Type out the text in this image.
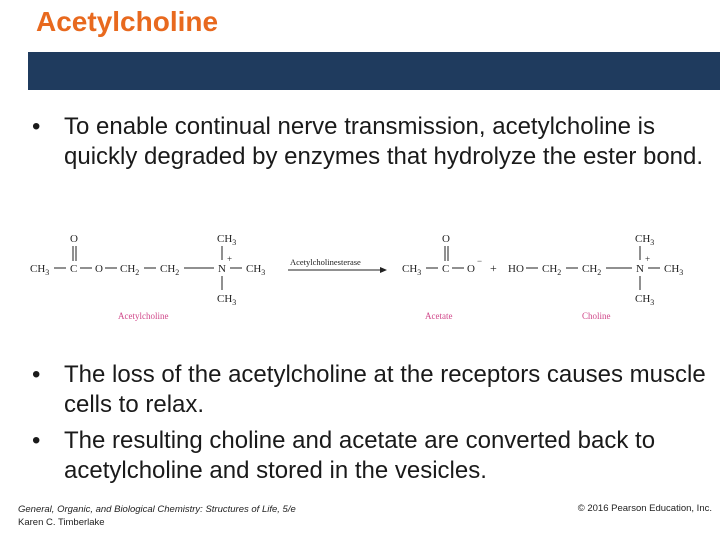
Acetylcholine
• To enable continual nerve transmission, acetylcholine is quickly degraded by enzymes that hydrolyze the ester bond.
$CH_3$ C
O
O $CH_2$ $CH_2$	N
+
$CH_3$
$CH_3$
$CH_3$
Acetylcholinesterase
$CH_3$ C
O
O
− + HO $CH_2$ $CH_2$	N
+
$CH_3$
$CH_3$
$CH_3$
Acetylcholine	Acetate	Choline
• The loss of the acetylcholine at the receptors causes muscle cells to relax.
• The resulting choline and acetate are converted back to acetylcholine and stored in the vesicles.
General, Organic, and Biological Chemistry: Structures of Life, 5/e
Karen C. Timberlake
© 2016 Pearson Education, Inc.
